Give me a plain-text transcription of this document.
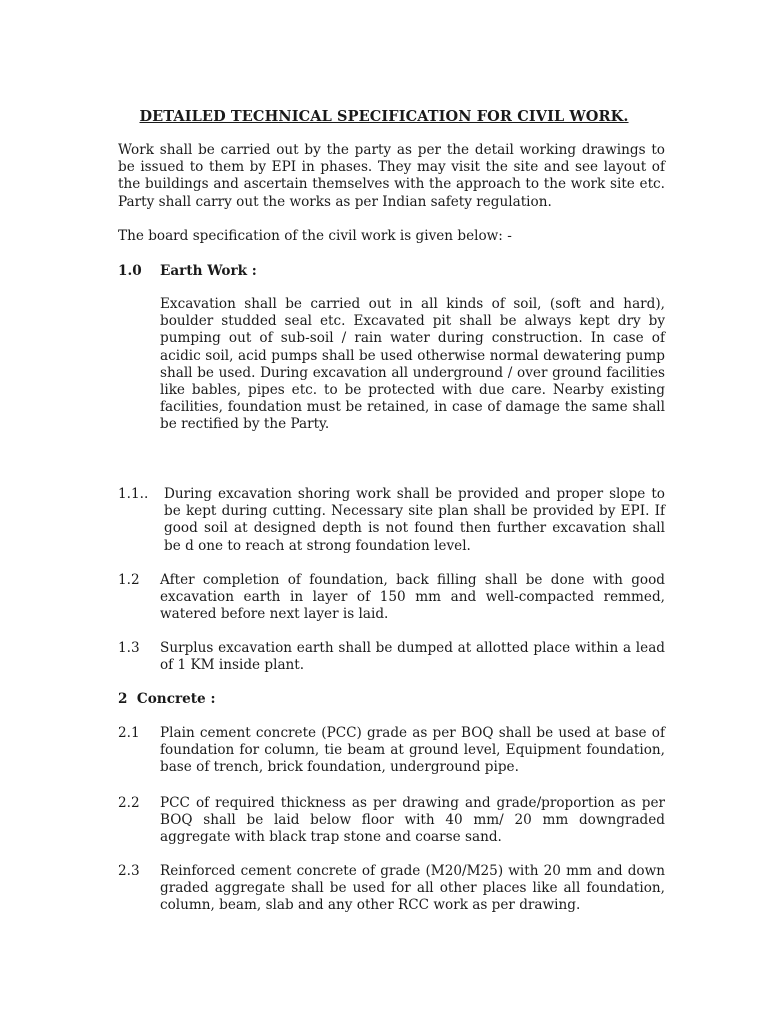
DETAILED TECHNICAL SPECIFICATION FOR CIVIL WORK.

Work shall be carried out by the party as per the detail working drawings to be issued to them by EPI in phases. They may visit the site and see layout of the buildings and ascertain themselves with the approach to the work site etc. Party shall carry out the works as per Indian safety regulation.

The board specification of the civil work is given below: -

1.0 Earth Work :

Excavation shall be carried out in all kinds of soil, (soft and hard), boulder studded seal etc. Excavated pit shall be always kept dry by pumping out of sub-soil / rain water during construction. In case of acidic soil, acid pumps shall be used otherwise normal dewatering pump shall be used. During excavation all underground / over ground facilities like bables, pipes etc. to be protected with due care. Nearby existing facilities, foundation must be retained, in case of damage the same shall be rectified by the Party.

1.1.. During excavation shoring work shall be provided and proper slope to be kept during cutting. Necessary site plan shall be provided by EPI. If good soil at designed depth is not found then further excavation shall be d one to reach at strong foundation level.

1.2 After completion of foundation, back filling shall be done with good excavation earth in layer of 150 mm and well-compacted remmed, watered before next layer is laid.

1.3 Surplus excavation earth shall be dumped at allotted place within a lead of 1 KM inside plant.

2  Concrete :
2.1 Plain cement concrete (PCC) grade as per BOQ shall be used at base of foundation for column, tie beam at ground level, Equipment foundation, base of trench, brick foundation, underground pipe.

2.2 PCC of required thickness as per drawing and grade/proportion as per BOQ shall be laid below floor with 40 mm/ 20 mm downgraded aggregate with black trap stone and coarse sand.

2.3 Reinforced cement concrete of grade (M20/M25) with 20 mm and down graded aggregate shall be used for all other places like all foundation, column, beam, slab and any other RCC work as per drawing.
